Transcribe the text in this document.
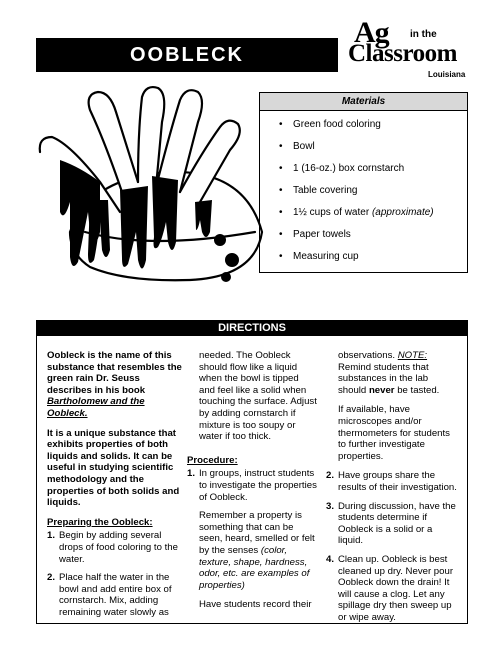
OOBLECK
Ag in the
Classroom
Louisiana
Materials
• Green food coloring
• Bowl
• 1 (16-oz.) box cornstarch
• Table covering
• 1½ cups of water (approximate)
• Paper towels
• Measuring cup
DIRECTIONS

Oobleck is the name of this substance that resembles the green rain Dr. Seuss describes in his book Bartholomew and the Oobleck.

It is a unique substance that exhibits properties of both liquids and solids. It can be useful in studying scientific methodology and the properties of both solids and liquids.

Preparing the Oobleck:

1. Begin by adding several drops of food coloring to the water.
2. Place half the water in the bowl and add entire box of cornstarch. Mix, adding remaining water slowly as

needed. The Oobleck should flow like a liquid when the bowl is tipped and feel like a solid when touching the surface. Adjust by adding cornstarch if mixture is too soupy or water if too thick.

Procedure:

1. In groups, instruct students to investigate the properties of Oobleck.

Remember a property is something that can be seen, heard, smelled or felt by the senses (color, texture, shape, hardness, odor, etc. are examples of properties)

Have students record their

observations. NOTE: Remind students that substances in the lab should never be tasted.

If available, have microscopes and/or thermometers for students to further investigate properties.

2. Have groups share the results of their investigation.
3. During discussion, have the students determine if Oobleck is a solid or a liquid.
4. Clean up. Oobleck is best cleaned up dry. Never pour Oobleck down the drain! It will cause a clog. Let any spillage dry then sweep up or wipe away.
